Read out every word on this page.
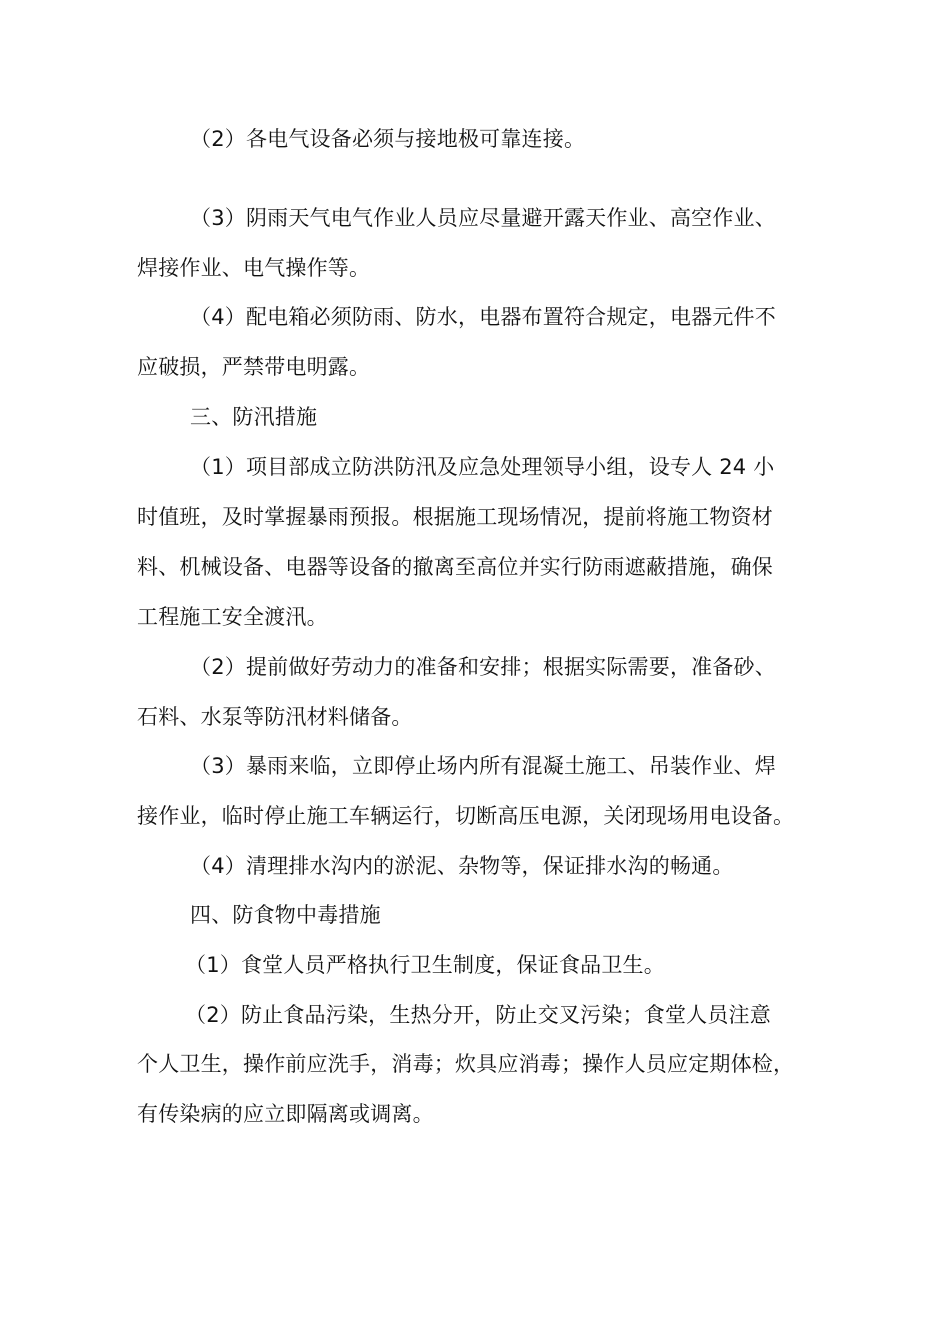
（2）各电气设备必须与接地极可靠连接。
（3）阴雨天气电气作业人员应尽量避开露天作业、高空作业、
焊接作业、电气操作等。
（4）配电箱必须防雨、防水，电器布置符合规定，电器元件不
应破损，严禁带电明露。
三、防汛措施
（1）项目部成立防洪防汛及应急处理领导小组，设专人 24 小
时值班，及时掌握暴雨预报。根据施工现场情况，提前将施工物资材
料、机械设备、电器等设备的撤离至高位并实行防雨遮蔽措施，确保
工程施工安全渡汛。
（2）提前做好劳动力的准备和安排；根据实际需要，准备砂、
石料、水泵等防汛材料储备。
（3）暴雨来临，立即停止场内所有混凝土施工、吊装作业、焊
接作业，临时停止施工车辆运行，切断高压电源，关闭现场用电设备。
（4）清理排水沟内的淤泥、杂物等，保证排水沟的畅通。
四、防食物中毒措施
（1）食堂人员严格执行卫生制度，保证食品卫生。
（2）防止食品污染，生热分开，防止交叉污染；食堂人员注意
个人卫生，操作前应洗手，消毒；炊具应消毒；操作人员应定期体检，
有传染病的应立即隔离或调离。
